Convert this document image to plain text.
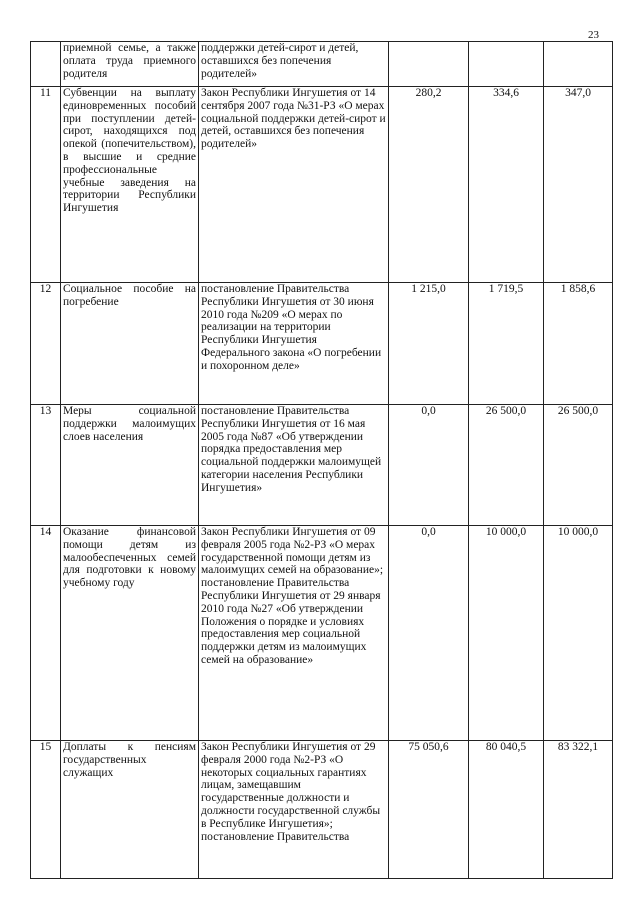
23
	приемной семье, а также оплата труда приемного родителя	поддержки детей-сирот и детей, оставшихся без попечения родителей»			
11	Субвенции на выплату единовременных пособий при поступлении детей-сирот, находящихся под опекой (попечительством), в высшие и средние профессиональные учебные заведения на территории Республики Ингушетия	Закон Республики Ингушетия от 14 сентября 2007 года №31-РЗ «О мерах социальной поддержки детей-сирот и детей, оставшихся без попечения родителей»	280,2	334,6	347,0
12	Социальное пособие на погребение	постановление Правительства Республики Ингушетия от 30 июня 2010 года №209 «О мерах по реализации на территории Республики Ингушетия Федерального закона «О погребении и похоронном деле»	1 215,0	1 719,5	1 858,6
13	Меры социальной поддержки малоимущих слоев населения	постановление Правительства Республики Ингушетия от 16 мая 2005 года №87 «Об утверждении порядка предоставления мер социальной поддержки малоимущей категории населения Республики Ингушетия»	0,0	26 500,0	26 500,0
14	Оказание финансовой помощи детям из малообеспеченных семей для подготовки к новому учебному году	Закон Республики Ингушетия от 09 февраля 2005 года №2-РЗ «О мерах государственной помощи детям из малоимущих семей на образование»; постановление Правительства Республики Ингушетия от 29 января 2010 года №27 «Об утверждении Положения о порядке и условиях предоставления мер социальной поддержки детям из малоимущих семей на образование»	0,0	10 000,0	10 000,0
15	Доплаты к пенсиям государственных служащих	Закон Республики Ингушетия от 29 февраля 2000 года №2-РЗ «О некоторых социальных гарантиях лицам, замещавшим государственные должности и должности государственной службы в Республике Ингушетия»; постановление Правительства	75 050,6	80 040,5	83 322,1
